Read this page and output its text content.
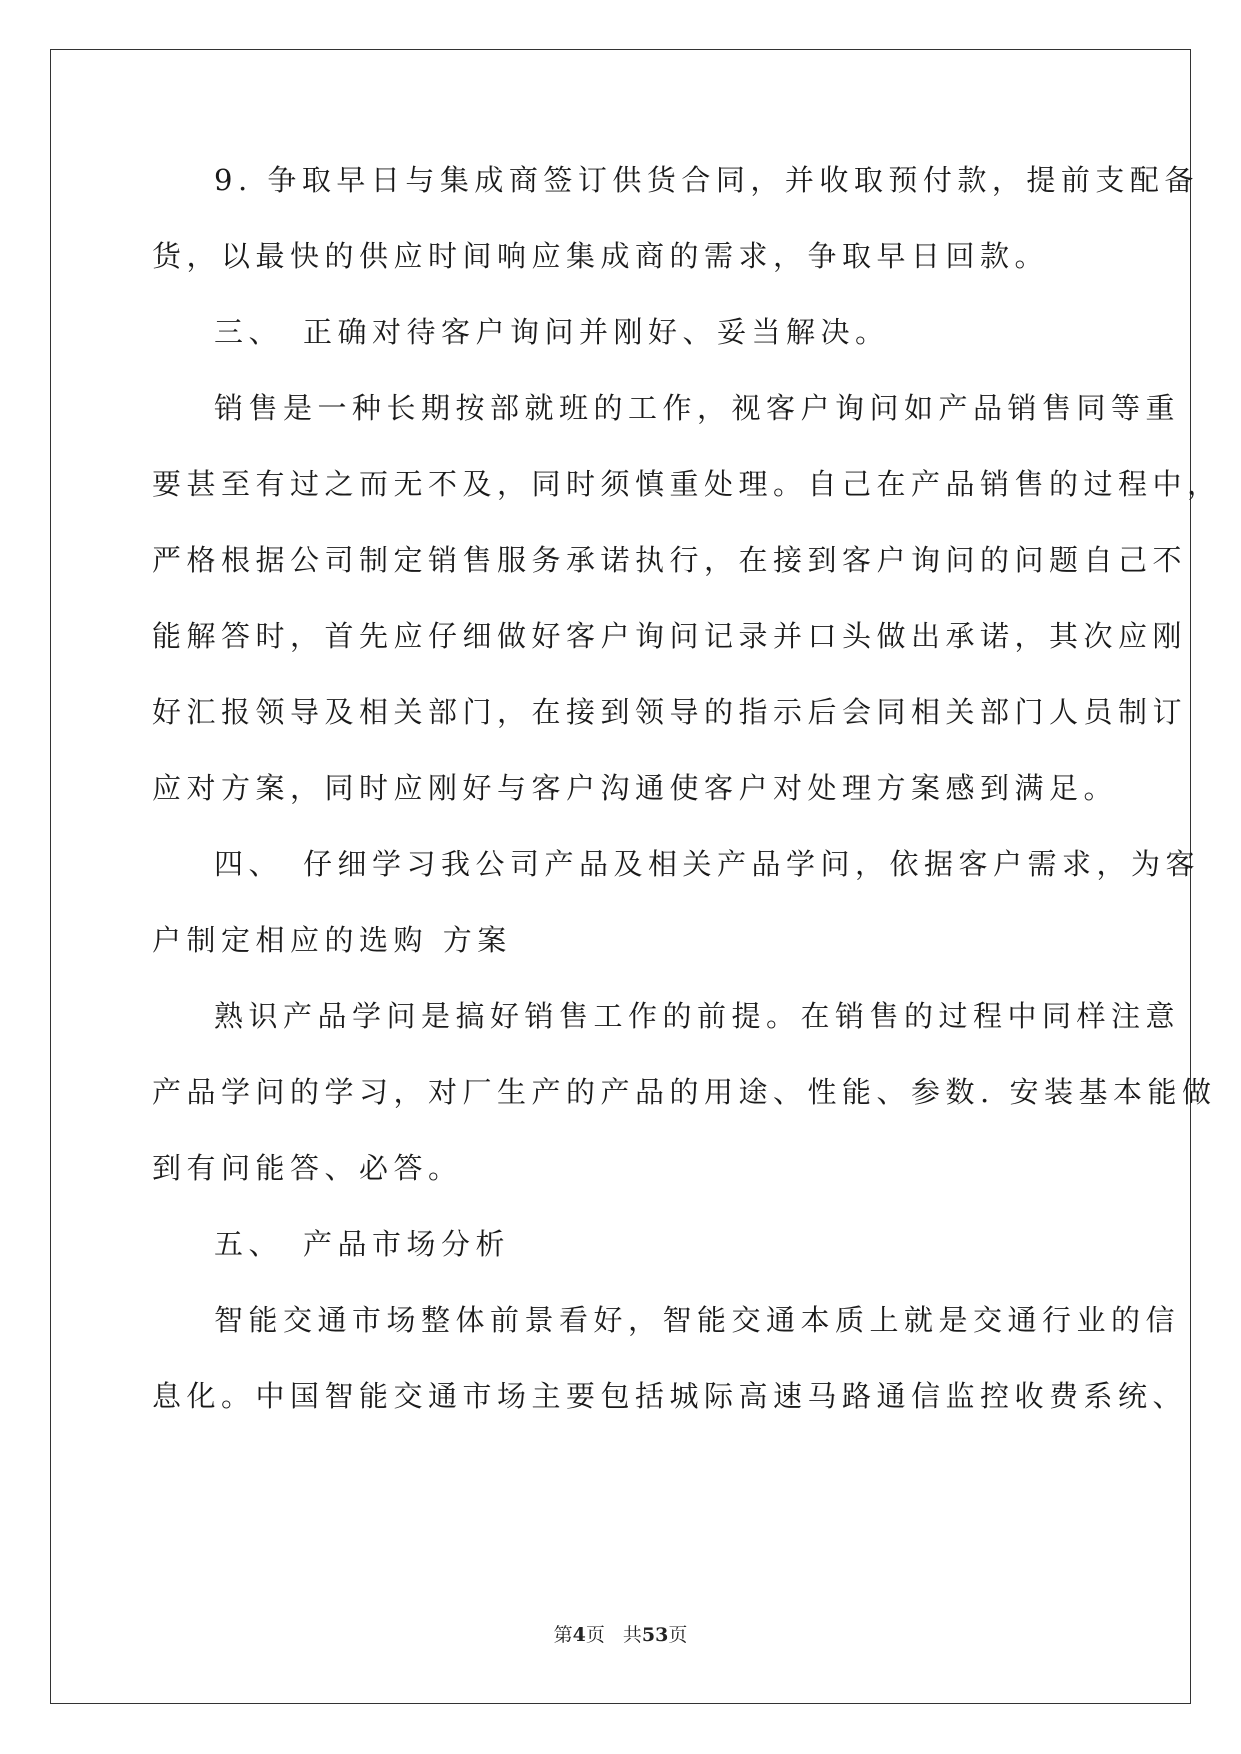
9. 争取早日与集成商签订供货合同，并收取预付款，提前支配备
货，以最快的供应时间响应集成商的需求，争取早日回款。
三、　正确对待客户询问并刚好、妥当解决。
销售是一种长期按部就班的工作，视客户询问如产品销售同等重
要甚至有过之而无不及，同时须慎重处理。自己在产品销售的过程中，
严格根据公司制定销售服务承诺执行，在接到客户询问的问题自己不
能解答时，首先应仔细做好客户询问记录并口头做出承诺，其次应刚
好汇报领导及相关部门，在接到领导的指示后会同相关部门人员制订
应对方案，同时应刚好与客户沟通使客户对处理方案感到满足。
四、　仔细学习我公司产品及相关产品学问，依据客户需求，为客
户制定相应的选购 方案
熟识产品学问是搞好销售工作的前提。在销售的过程中同样注意
产品学问的学习，对厂生产的产品的用途、性能、参数. 安装基本能做
到有问能答、必答。
五、　产品市场分析
智能交通市场整体前景看好，智能交通本质上就是交通行业的信
息化。中国智能交通市场主要包括城际高速马路通信监控收费系统、
第4页 共53页
